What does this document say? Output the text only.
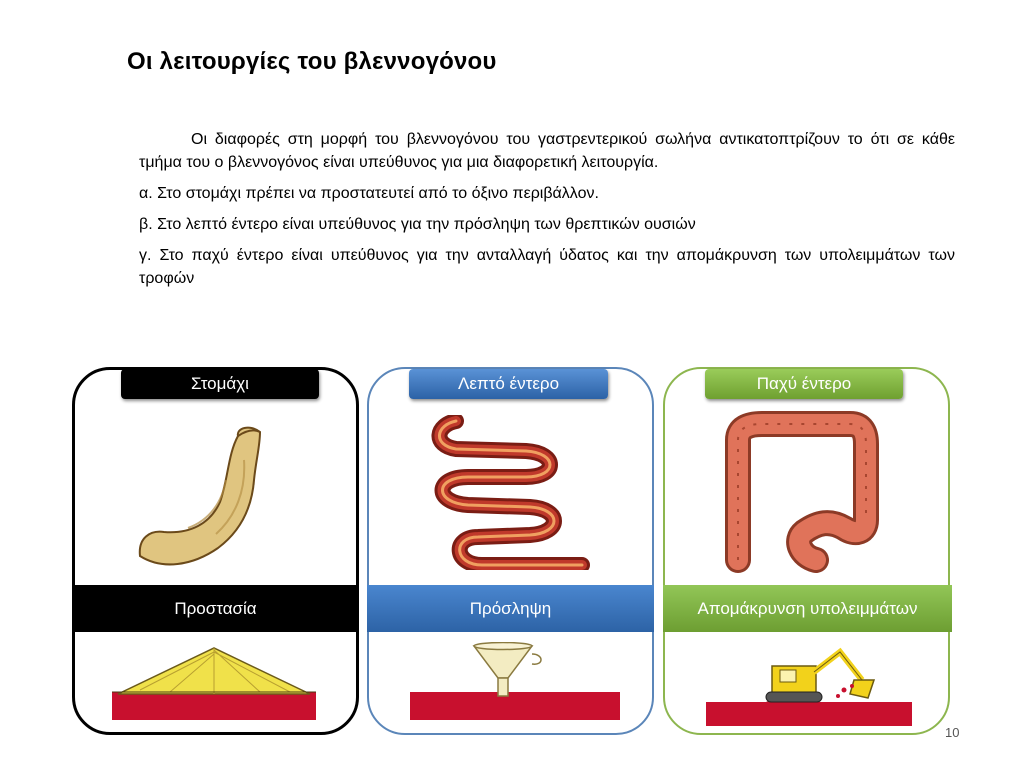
Οι λειτουργίες του βλεννογόνου

Οι διαφορές στη μορφή του βλεννογόνου του γαστρεντερικού σωλήνα αντικατοπτρίζουν το ότι σε κάθε τμήμα του ο βλεννογόνος είναι υπεύθυνος για μια διαφορετική λειτουργία.

α. Στο στομάχι πρέπει να προστατευτεί από το όξινο περιβάλλον.

β. Στο λεπτό έντερο είναι υπεύθυνος για την πρόσληψη των θρεπτικών ουσιών

γ. Στο παχύ έντερο είναι υπεύθυνος για την ανταλλαγή ύδατος και την απομάκρυνση των υπολειμμάτων των τροφών

Στομάχι	Λεπτό έντερο	Παχύ έντερο
Προστασία	Πρόσληψη	Απομάκρυνση υπολειμμάτων
10
